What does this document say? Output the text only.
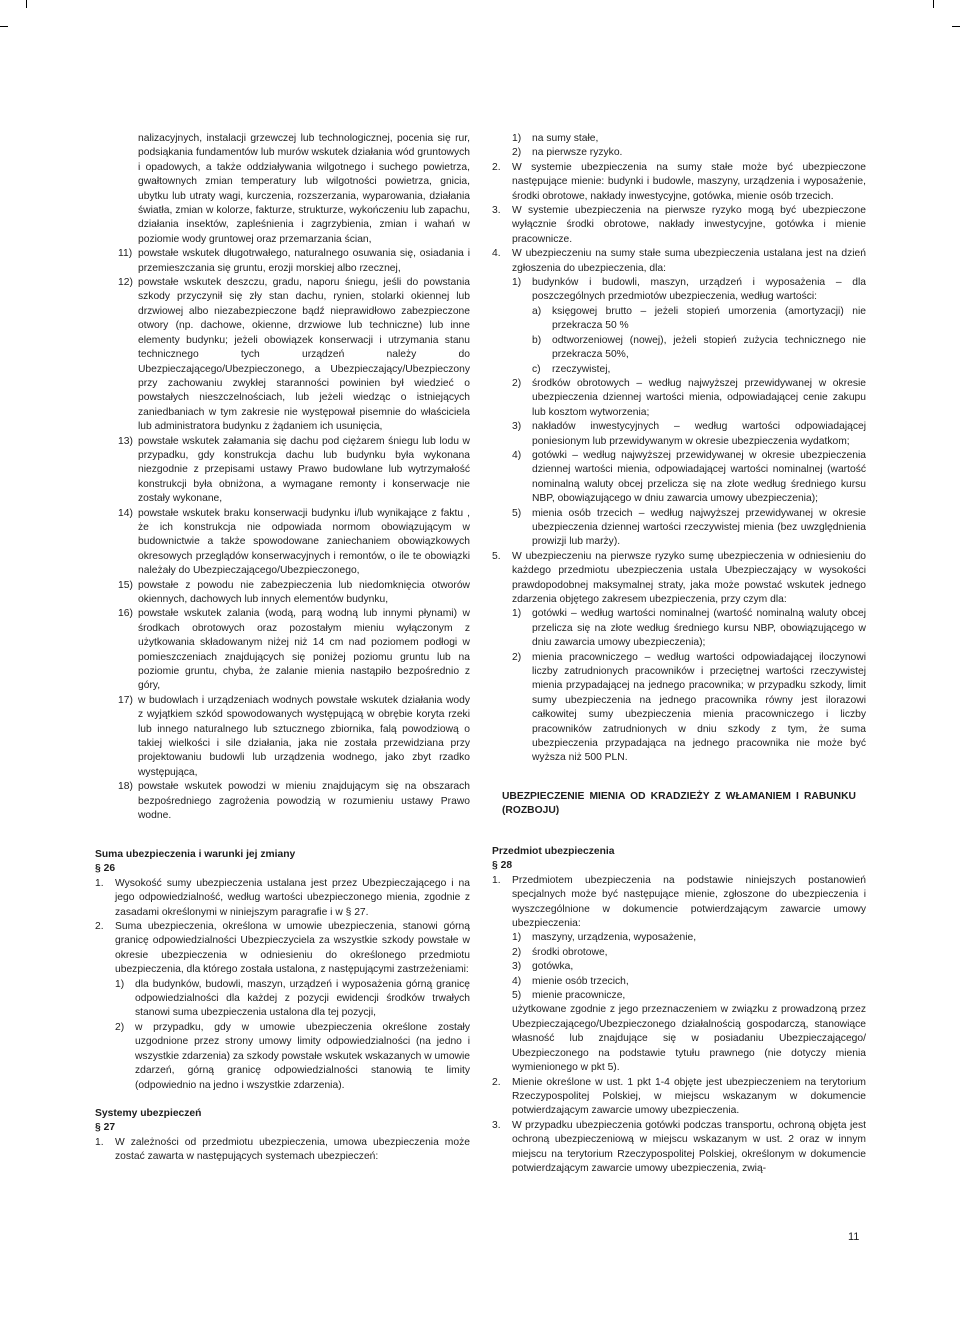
nalizacyjnych, instalacji grzewczej lub technologicznej, pocenia się rur, podsiąkania fundamentów lub murów wskutek działania wód gruntowych i opadowych, a także oddziaływania wilgotnego i suchego powietrza, gwałtownych zmian temperatury lub wilgotności powietrza, gnicia, ubytku lub utraty wagi, kurczenia, rozszerzania, wyparowania, działania światła, zmian w kolorze, fakturze, strukturze, wykończeniu lub zapachu, działania insektów, zapleśnienia i zagrzybienia, zmian i wahań w poziomie wody gruntowej oraz przemarzania ścian,

11) powstałe wskutek długotrwałego, naturalnego osuwania się, osiadania i przemieszczania się gruntu, erozji morskiej albo rzecznej,
12) powstałe wskutek deszczu, gradu, naporu śniegu, jeśli do powstania szkody przyczynił się zły stan dachu, rynien, stolarki okiennej lub drzwiowej albo niezabezpieczone bądź nieprawidłowo zabezpieczone otwory (np. dachowe, okienne, drzwiowe lub techniczne) lub inne elementy budynku; jeżeli obowiązek konserwacji i utrzymania stanu technicznego tych urządzeń należy do Ubezpieczającego/Ubezpieczonego, a Ubezpieczający/Ubezpieczony przy zachowaniu zwykłej staranności powinien był wiedzieć o powstałych nieszczelnościach, lub jeżeli wiedząc o istniejących zaniedbaniach w tym zakresie nie występował pisemnie do właściciela lub administratora budynku z żądaniem ich usunięcia,
13) powstałe wskutek załamania się dachu pod ciężarem śniegu lub lodu w przypadku, gdy konstrukcja dachu lub budynku była wykonana niezgodnie z przepisami ustawy Prawo budowlane lub wytrzymałość konstrukcji była obniżona, a wymagane remonty i konserwacje nie zostały wykonane,
14) powstałe wskutek braku konserwacji budynku i/lub wynikające z faktu , że ich konstrukcja nie odpowiada normom obowiązującym w budownictwie a także spowodowane zaniechaniem obowiązkowych okresowych przeglądów konserwacyjnych i remontów, o ile te obowiązki należały do Ubezpieczającego/Ubezpieczonego,
15) powstałe z powodu nie zabezpieczenia lub niedomknięcia otworów okiennych, dachowych lub innych elementów budynku,
16) powstałe wskutek zalania (wodą, parą wodną lub innymi płynami) w środkach obrotowych oraz pozostałym mieniu wyłączonym z użytkowania składowanym niżej niż 14 cm nad poziomem podłogi w pomieszczeniach znajdujących się poniżej poziomu gruntu lub na poziomie gruntu, chyba, że zalanie mienia nastąpiło bezpośrednio z góry,
17) w budowlach i urządzeniach wodnych powstałe wskutek działania wody z wyjątkiem szkód spowodowanych występującą w obrębie koryta rzeki lub innego naturalnego lub sztucznego zbiornika, falą powodziową o takiej wielkości i sile działania, jaka nie została przewidziana przy projektowaniu budowli lub urządzenia wodnego, jako zbyt rzadko występująca,
18) powstałe wskutek powodzi w mieniu znajdującym się na obszarach bezpośredniego zagrożenia powodzią w rozumieniu ustawy Prawo wodne.
1)	na sumy stałe,
2)	na pierwsze ryzyko.
2.	W systemie ubezpieczenia na sumy stałe może być ubezpieczone następujące mienie: budynki i budowle, maszyny, urządzenia i wyposażenie, środki obrotowe, nakłady inwestycyjne, gotówka, mienie osób trzecich.
3.	W systemie ubezpieczenia na pierwsze ryzyko mogą być ubezpieczone wyłącznie środki obrotowe, nakłady inwestycyjne, gotówka i mienie pracownicze.
4.	W ubezpieczeniu na sumy stałe suma ubezpieczenia ustalana jest na dzień zgłoszenia do ubezpieczenia, dla:
1)	budynków i budowli, maszyn, urządzeń i wyposażenia – dla poszczególnych przedmiotów ubezpieczenia, według wartości:
a)	księgowej brutto – jeżeli stopień umorzenia (amortyzacji) nie przekracza 50 %
b)	odtworzeniowej (nowej), jeżeli stopień zużycia technicznego nie przekracza 50%,
c)	rzeczywistej,
2)	środków obrotowych – według najwyższej przewidywanej w okresie ubezpieczenia dziennej wartości mienia, odpowiadającej cenie zakupu lub kosztom wytworzenia;
3)	nakładów inwestycyjnych – według wartości odpowiadającej poniesionym lub przewidywanym w okresie ubezpieczenia wydatkom;
4)	gotówki – według najwyższej przewidywanej w okresie ubezpieczenia dziennej wartości mienia, odpowiadającej wartości nominalnej (wartość nominalną waluty obcej przelicza się na złote według średniego kursu NBP, obowiązującego w dniu zawarcia umowy ubezpieczenia);
5)	mienia osób trzecich – według najwyższej przewidywanej w okresie ubezpieczenia dziennej wartości rzeczywistej mienia (bez uwzględnienia prowizji lub marży).
5.	W ubezpieczeniu na pierwsze ryzyko sumę ubezpieczenia w odniesieniu do każdego przedmiotu ubezpieczenia ustala Ubezpieczający w wysokości prawdopodobnej maksymalnej straty, jaka może powstać wskutek jednego zdarzenia objętego zakresem ubezpieczenia, przy czym dla:
1)	gotówki – według wartości nominalnej (wartość nominalną waluty obcej przelicza się na złote według średniego kursu NBP, obowiązującego w dniu zawarcia umowy ubezpieczenia);
2)	mienia pracowniczego – według wartości odpowiadającej iloczynowi liczby zatrudnionych pracowników i przeciętnej wartości rzeczywistej mienia przypadającej na jednego pracownika; w przypadku szkody, limit sumy ubezpieczenia na jednego pracownika równy jest ilorazowi całkowitej sumy ubezpieczenia mienia pracowniczego i liczby pracowników zatrudnionych w dniu szkody z tym, że suma ubezpieczenia przypadająca na jednego pracownika nie może być wyższa niż 500 PLN.

UBEZPIECZENIE MIENIA OD KRADZIEŻY Z WŁAMANIEM I RABUNKU (ROZBOJU)

Suma ubezpieczenia i warunki jej zmiany

§ 26

1.	Wysokość sumy ubezpieczenia ustalana jest przez Ubezpieczającego i na jego odpowiedzialność, według wartości ubezpieczonego mienia, zgodnie z zasadami określonymi w niniejszym paragrafie i w § 27.
2.	Suma ubezpieczenia, określona w umowie ubezpieczenia, stanowi górną granicę odpowiedzialności Ubezpieczyciela za wszystkie szkody powstałe w okresie ubezpieczenia w odniesieniu do określonego przedmiotu ubezpieczenia, dla którego została ustalona, z następującymi zastrzeżeniami:
1)	dla budynków, budowli, maszyn, urządzeń i wyposażenia górną granicę odpowiedzialności dla każdej z pozycji ewidencji środków trwałych stanowi suma ubezpieczenia ustalona dla tej pozycji,
2)	w przypadku, gdy w umowie ubezpieczenia określone zostały uzgodnione przez strony umowy limity odpowiedzialności (na jedno i wszystkie zdarzenia) za szkody powstałe wskutek wskazanych w umowie zdarzeń, górną granicę odpowiedzialności stanowią te limity (odpowiednio na jedno i wszystkie zdarzenia).

Systemy ubezpieczeń

§ 27

1.	W zależności od przedmiotu ubezpieczenia, umowa ubezpieczenia może zostać zawarta w następujących systemach ubezpieczeń:

Przedmiot ubezpieczenia

§ 28

1.	Przedmiotem ubezpieczenia na podstawie niniejszych postanowień specjalnych może być następujące mienie, zgłoszone do ubezpieczenia i wyszczególnione w dokumencie potwierdzającym zawarcie umowy ubezpieczenia:
1)	maszyny, urządzenia, wyposażenie,
2)	środki obrotowe,
3)	gotówka,
4)	mienie osób trzecich,
5)	mienie pracownicze,

użytkowane zgodnie z jego przeznaczeniem w związku z prowadzoną przez Ubezpieczającego/Ubezpieczonego działalnością gospodarczą, stanowiące własność lub znajdujące się w posiadaniu Ubezpieczającego/ Ubezpieczonego na podstawie tytułu prawnego (nie dotyczy mienia wymienionego w pkt 5).

2.	Mienie określone w ust. 1 pkt 1-4 objęte jest ubezpieczeniem na terytorium Rzeczypospolitej Polskiej, w miejscu wskazanym w dokumencie potwierdzającym zawarcie umowy ubezpieczenia.
3.	W przypadku ubezpieczenia gotówki podczas transportu, ochroną objęta jest ochroną ubezpieczeniową w miejscu wskazanym w ust. 2 oraz w innym miejscu na terytorium Rzeczypospolitej Polskiej, określonym w dokumencie potwierdzającym zawarcie umowy ubezpieczenia, zwią-
11
